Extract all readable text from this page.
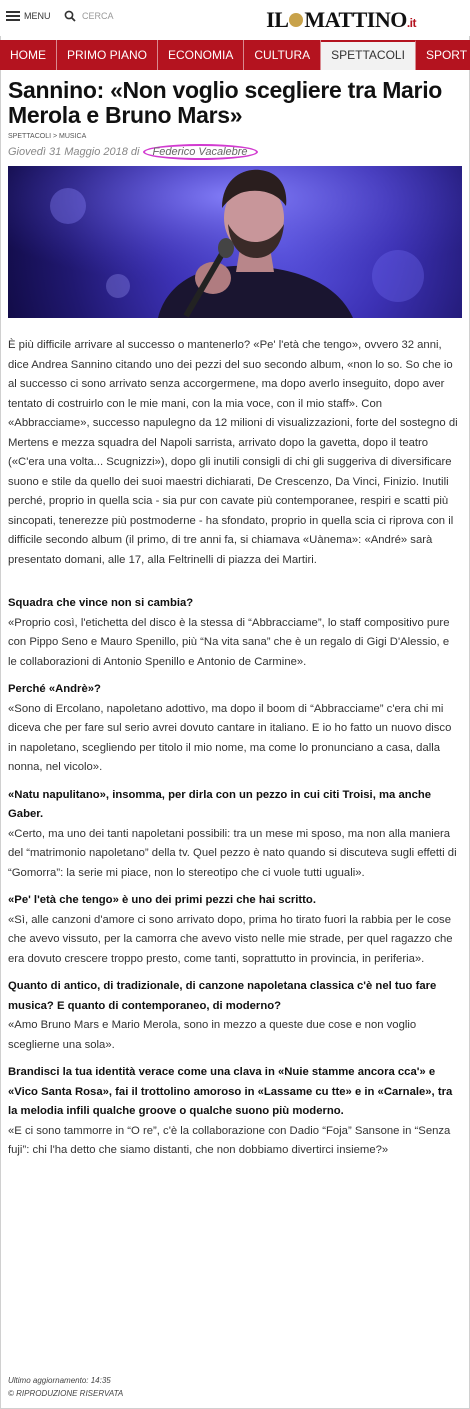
MENU	CERCA	IL MATTINO.it
HOME	PRIMO PIANO	ECONOMIA	CULTURA	SPETTACOLI	SPORT
Sannino: «Non voglio scegliere tra Mario Merola e Bruno Mars»
SPETTACOLI > MUSICA
Giovedì 31 Maggio 2018 di Federico Vacalebre

È più difficile arrivare al successo o mantenerlo? «Pe' l'età che tengo», ovvero 32 anni, dice Andrea Sannino citando uno dei pezzi del suo secondo album, «non lo so. So che io al successo ci sono arrivato senza accorgermene, ma dopo averlo inseguito, dopo aver tentato di costruirlo con le mie mani, con la mia voce, con il mio staff». Con «Abbracciame», successo napulegno da 12 milioni di visualizzazioni, forte del sostegno di Mertens e mezza squadra del Napoli sarrista, arrivato dopo la gavetta, dopo il teatro («C'era una volta... Scugnizzi»), dopo gli inutili consigli di chi gli suggeriva di diversificare suono e stile da quello dei suoi maestri dichiarati, De Crescenzo, Da Vinci, Finizio. Inutili perché, proprio in quella scia - sia pur con cavate più contemporanee, respiri e scatti più sincopati, tenerezze più postmoderne - ha sfondato, proprio in quella scia ci riprova con il difficile secondo album (il primo, di tre anni fa, si chiamava «Uànema»: «André» sarà presentato domani, alle 17, alla Feltrinelli di piazza dei Martiri.

Squadra che vince non si cambia?

«Proprio così, l'etichetta del disco è la stessa di “Abbracciame”, lo staff compositivo pure con Pippo Seno e Mauro Spenillo, più “Na vita sana” che è un regalo di Gigi D'Alessio, e le collaborazioni di Antonio Spenillo e Antonio de Carmine».

Perché «Andrè»?

«Sono di Ercolano, napoletano adottivo, ma dopo il boom di “Abbracciame” c'era chi mi diceva che per fare sul serio avrei dovuto cantare in italiano. E io ho fatto un nuovo disco in napoletano, scegliendo per titolo il mio nome, ma come lo pronunciano a casa, dalla nonna, nel vicolo».

«Natu napulitano», insomma, per dirla con un pezzo in cui citi Troisi, ma anche Gaber.

«Certo, ma uno dei tanti napoletani possibili: tra un mese mi sposo, ma non alla maniera del “matrimonio napoletano” della tv. Quel pezzo è nato quando si discuteva sugli effetti di “Gomorra”: la serie mi piace, non lo stereotipo che ci vuole tutti uguali».

«Pe' l'età che tengo» è uno dei primi pezzi che hai scritto.

«Sì, alle canzoni d'amore ci sono arrivato dopo, prima ho tirato fuori la rabbia per le cose che avevo vissuto, per la camorra che avevo visto nelle mie strade, per quel ragazzo che era dovuto crescere troppo presto, come tanti, soprattutto in provincia, in periferia».

Quanto di antico, di tradizionale, di canzone napoletana classica c'è nel tuo fare musica? E quanto di contemporaneo, di moderno?

«Amo Bruno Mars e Mario Merola, sono in mezzo a queste due cose e non voglio sceglierne una sola».

Brandisci la tua identità verace come una clava in «Nuie stamme ancora cca'» e «Vico Santa Rosa», fai il trottolino amoroso in «Lassame cu tte» e in «Carnale», tra la melodia infili qualche groove o qualche suono più moderno.

«E ci sono tammorre in “O re”, c'è la collaborazione con Dadio “Foja” Sansone in “Senza fuji”: chi l'ha detto che siamo distanti, che non dobbiamo divertirci insieme?»

Ultimo aggiornamento: 14:35
© RIPRODUZIONE RISERVATA
